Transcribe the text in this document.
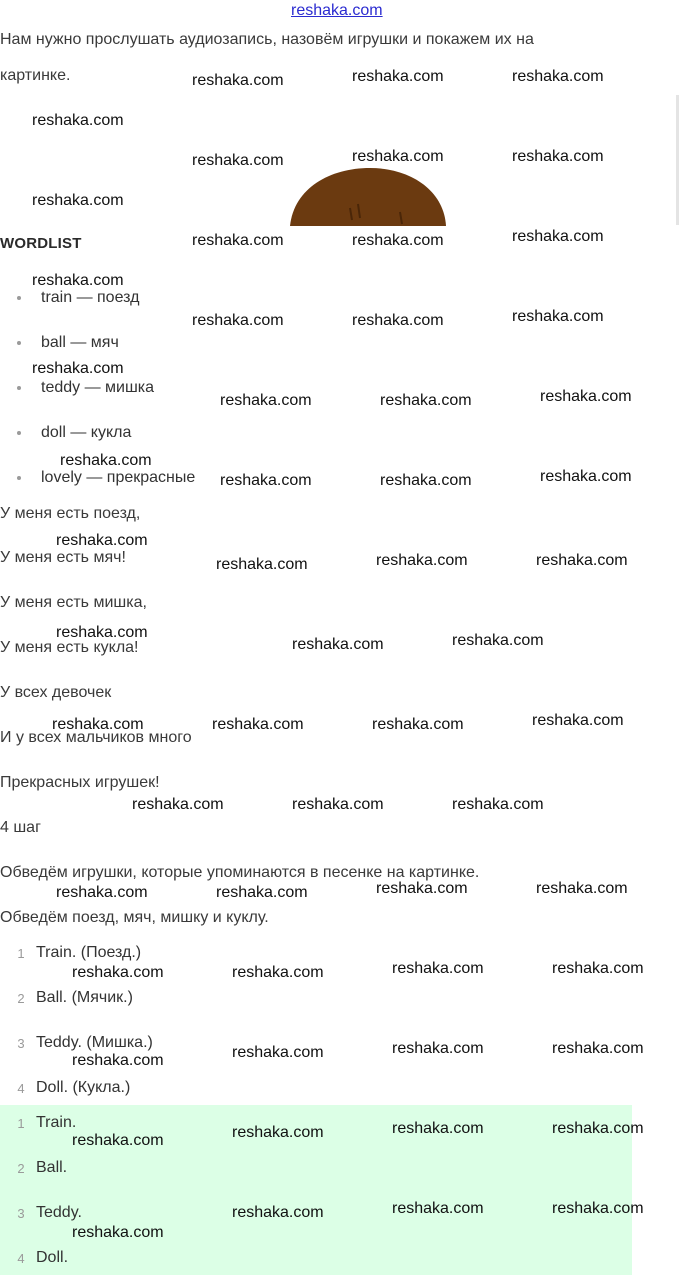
reshaka.com
Нам нужно прослушать аудиозапись, назовём игрушки и покажем их на
картинке.
WORDLIST
train — поезд
ball — мяч
teddy — мишка
doll — кукла
lovely — прекрасные
У меня есть поезд,
У меня есть мяч!
У меня есть мишка,
У меня есть кукла!
У всех девочек
И у всех мальчиков много
Прекрасных игрушек!
4 шаг
Обведём игрушки, которые упоминаются в песенке на картинке.
Обведём поезд, мяч, мишку и куклу.
1 Train. (Поезд.)
2 Ball. (Мячик.)
3 Teddy. (Мишка.)
4 Doll. (Кукла.)
1 Train.
2 Ball.
3 Teddy.
4 Doll.
reshaka.com	reshaka.com	reshaka.com
reshaka.com
reshaka.com	reshaka.com	reshaka.com
reshaka.com
reshaka.com	reshaka.com	reshaka.com
reshaka.com
reshaka.com	reshaka.com	reshaka.com
reshaka.com
reshaka.com	reshaka.com	reshaka.com
reshaka.com
reshaka.com	reshaka.com	reshaka.com
reshaka.com
reshaka.com	reshaka.com	reshaka.com
reshaka.com
reshaka.com	reshaka.com
reshaka.com	reshaka.com	reshaka.com	reshaka.com
reshaka.com	reshaka.com	reshaka.com
reshaka.com	reshaka.com	reshaka.com	reshaka.com
reshaka.com	reshaka.com	reshaka.com	reshaka.com
reshaka.com	reshaka.com	reshaka.com	reshaka.com
reshaka.com	reshaka.com	reshaka.com	reshaka.com
reshaka.com
reshaka.com	reshaka.com	reshaka.com
